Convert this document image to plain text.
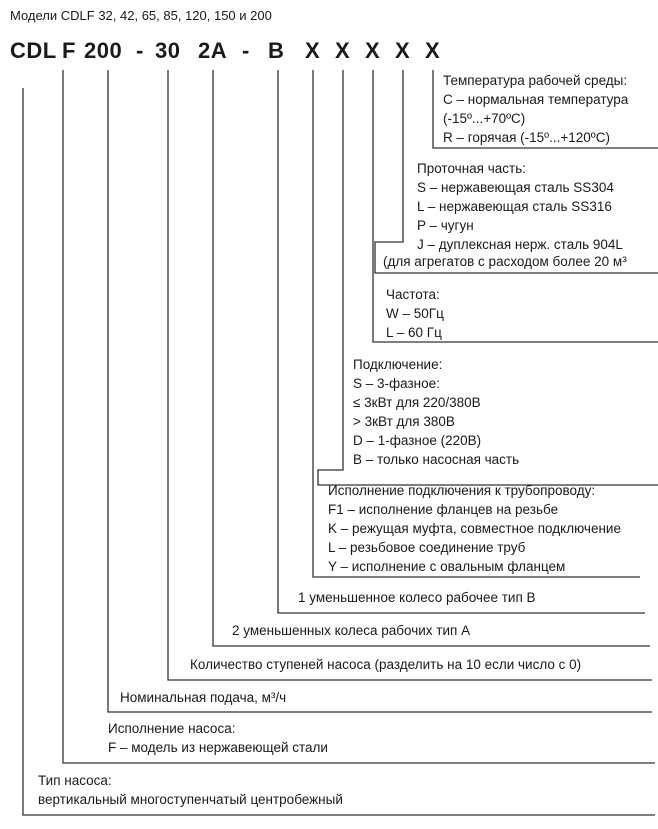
Модели CDLF 32, 42, 65, 85, 120, 150 и 200
CDL F 200 - 30 2A - B X X X X X
Температура рабочей среды:
С – нормальная температура
(-15º...+70ºС)
R – горячая (-15º...+120ºС)
Проточная часть:
S – нержавеющая сталь SS304
L – нержавеющая сталь SS316
P – чугун
J – дуплексная нерж. сталь 904L
(для агрегатов с расходом более 20 м³
Частота:
W – 50Гц
L – 60 Гц
Подключение:
S – 3-фазное:
≤ 3кВт для 220/380В
> 3кВт для 380В
D – 1-фазное (220В)
B – только насосная часть
Исполнение подключения к трубопроводу:
F1 – исполнение фланцев на резьбе
K – режущая муфта, совместное подключение
L – резьбовое соединение труб
Y – исполнение с овальным фланцем
1 уменьшенное колесо рабочее тип В
2 уменьшенных колеса рабочих тип А
Количество ступеней насоса (разделить на 10 если число с 0)
Номинальная подача, м³/ч
Исполнение насоса:
F – модель из нержавеющей стали
Тип насоса:
вертикальный многоступенчатый центробежный
